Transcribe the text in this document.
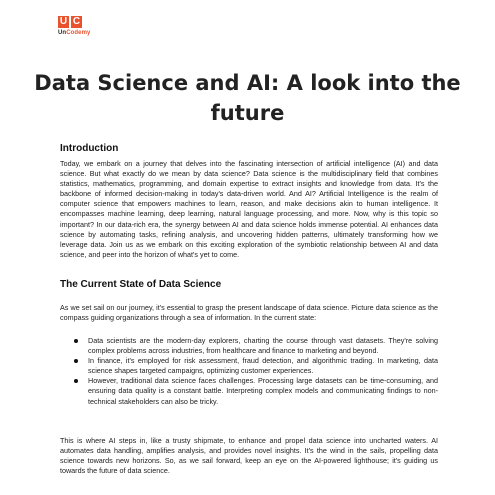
U C
UnCodemy
Data Science and AI: A look into the future
Introduction

Today, we embark on a journey that delves into the fascinating intersection of artificial intelligence (AI) and data science. But what exactly do we mean by data science? Data science is the multidisciplinary field that combines statistics, mathematics, programming, and domain expertise to extract insights and knowledge from data. It's the backbone of informed decision-making in today's data-driven world. And AI? Artificial Intelligence is the realm of computer science that empowers machines to learn, reason, and make decisions akin to human intelligence. It encompasses machine learning, deep learning, natural language processing, and more. Now, why is this topic so important? In our data-rich era, the synergy between AI and data science holds immense potential. AI enhances data science by automating tasks, refining analysis, and uncovering hidden patterns, ultimately transforming how we leverage data. Join us as we embark on this exciting exploration of the symbiotic relationship between AI and data science, and peer into the horizon of what's yet to come.

The Current State of Data Science

As we set sail on our journey, it's essential to grasp the present landscape of data science. Picture data science as the compass guiding organizations through a sea of information. In the current state:

Data scientists are the modern-day explorers, charting the course through vast datasets. They're solving complex problems across industries, from healthcare and finance to marketing and beyond.
In finance, it's employed for risk assessment, fraud detection, and algorithmic trading. In marketing, data science shapes targeted campaigns, optimizing customer experiences.
However, traditional data science faces challenges. Processing large datasets can be time-consuming, and ensuring data quality is a constant battle. Interpreting complex models and communicating findings to non-technical stakeholders can also be tricky.

This is where AI steps in, like a trusty shipmate, to enhance and propel data science into uncharted waters. AI automates data handling, amplifies analysis, and provides novel insights. It's the wind in the sails, propelling data science towards new horizons. So, as we sail forward, keep an eye on the AI-powered lighthouse; it's guiding us towards the future of data science.
